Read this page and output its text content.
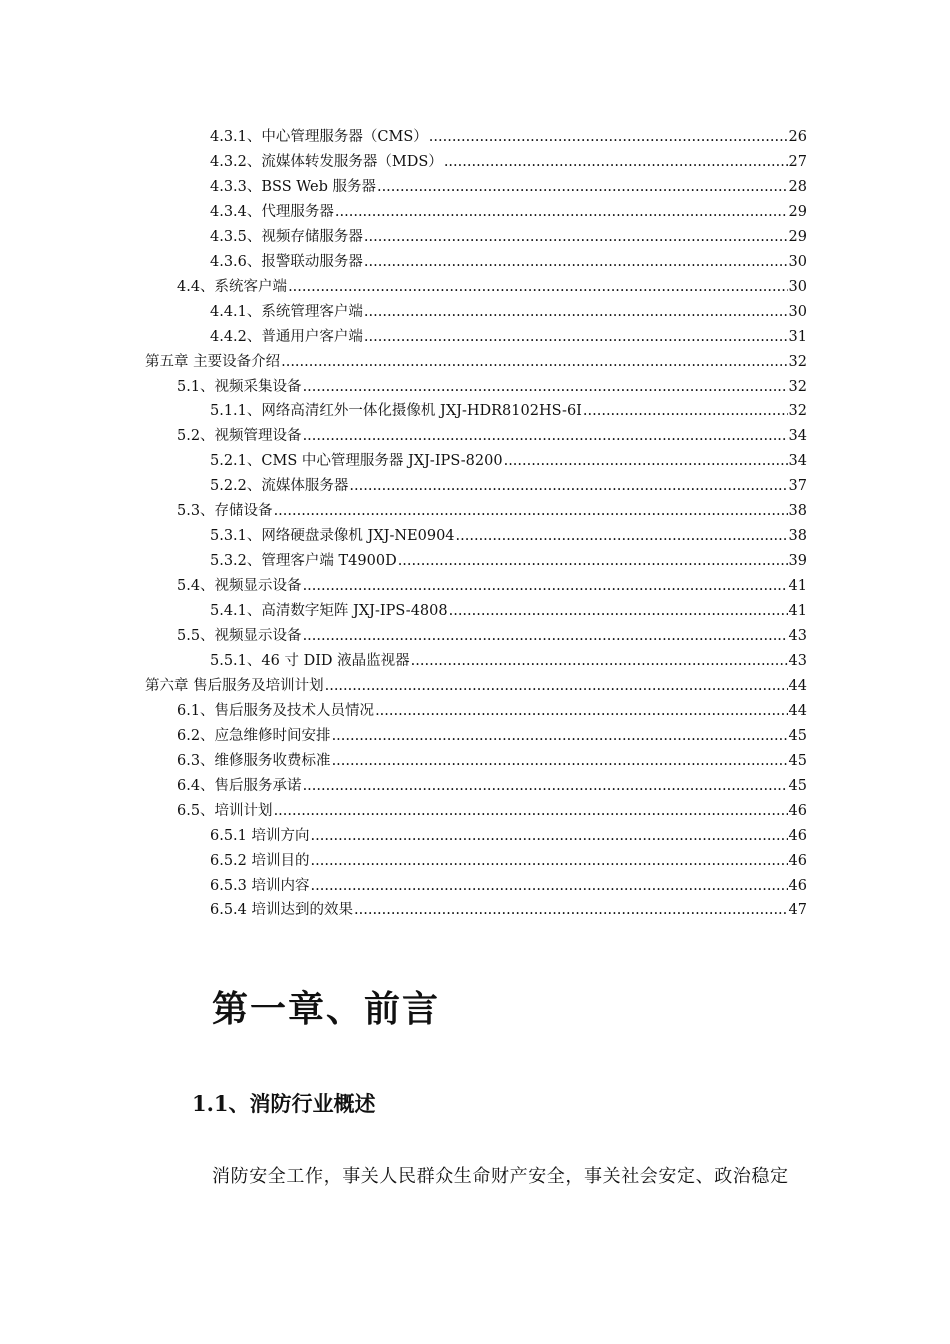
4.3.1、中心管理服务器（CMS） .....	26
4.3.2、流媒体转发服务器（MDS） .....	27
4.3.3、BSS Web 服务器 .....	28
4.3.4、代理服务器 .....	29
4.3.5、视频存储服务器 .....	29
4.3.6、报警联动服务器 .....	30
4.4、系统客户端 .....	30
4.4.1、系统管理客户端 .....	30
4.4.2、普通用户客户端 .....	31
第五章 主要设备介绍 .....	32
5.1、视频采集设备 .....	32
5.1.1、网络高清红外一体化摄像机 JXJ-HDR8102HS-6I .....	32
5.2、视频管理设备 .....	34
5.2.1、CMS 中心管理服务器 JXJ-IPS-8200 .....	34
5.2.2、流媒体服务器 .....	37
5.3、存储设备 .....	38
5.3.1、网络硬盘录像机 JXJ-NE0904 .....	38
5.3.2、管理客户端 T4900D .....	39
5.4、视频显示设备 .....	41
5.4.1、高清数字矩阵 JXJ-IPS-4808 .....	41
5.5、视频显示设备 .....	43
5.5.1、46 寸 DID 液晶监视器 .....	43
第六章 售后服务及培训计划 .....	44
6.1、售后服务及技术人员情况 .....	44
6.2、应急维修时间安排 .....	45
6.3、维修服务收费标准 .....	45
6.4、售后服务承诺 .....	45
6.5、培训计划 .....	46
6.5.1 培训方向 .....	46
6.5.2 培训目的 .....	46
6.5.3 培训内容 .....	46
6.5.4 培训达到的效果 .....	47
第一章、前言
1.1、消防行业概述

消防安全工作，事关人民群众生命财产安全，事关社会安定、政治稳定
